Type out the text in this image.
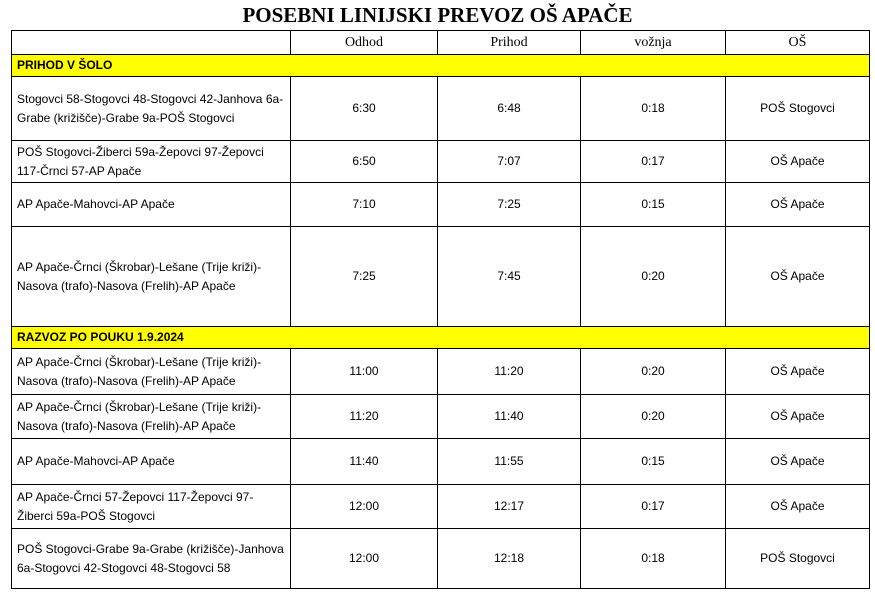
POSEBNI LINIJSKI PREVOZ OŠ APAČE
	Odhod	Prihod	vožnja	OŠ
PRIHOD V ŠOLO				
Stogovci 58-Stogovci 48-Stogovci 42-Janhova 6a-Grabe (križišče)-Grabe 9a-POŠ Stogovci	6:30	6:48	0:18	POŠ Stogovci
POŠ Stogovci-Žiberci 59a-Žepovci 97-Žepovci 117-Črnci 57-AP Apače	6:50	7:07	0:17	OŠ Apače
AP Apače-Mahovci-AP Apače	7:10	7:25	0:15	OŠ Apače
AP Apače-Črnci (Škrobar)-Lešane (Trije križi)-Nasova (trafo)-Nasova (Frelih)-AP Apače	7:25	7:45	0:20	OŠ Apače
RAZVOZ PO POUKU 1.9.2024				
AP Apače-Črnci (Škrobar)-Lešane (Trije križi)-Nasova (trafo)-Nasova (Frelih)-AP Apače	11:00	11:20	0:20	OŠ Apače
AP Apače-Črnci (Škrobar)-Lešane (Trije križi)-Nasova (trafo)-Nasova (Frelih)-AP Apače	11:20	11:40	0:20	OŠ Apače
AP Apače-Mahovci-AP Apače	11:40	11:55	0:15	OŠ Apače
AP Apače-Črnci 57-Žepovci 117-Žepovci 97-Žiberci 59a-POŠ Stogovci	12:00	12:17	0:17	OŠ Apače
POŠ Stogovci-Grabe 9a-Grabe (križišče)-Janhova 6a-Stogovci 42-Stogovci 48-Stogovci 58	12:00	12:18	0:18	POŠ Stogovci
